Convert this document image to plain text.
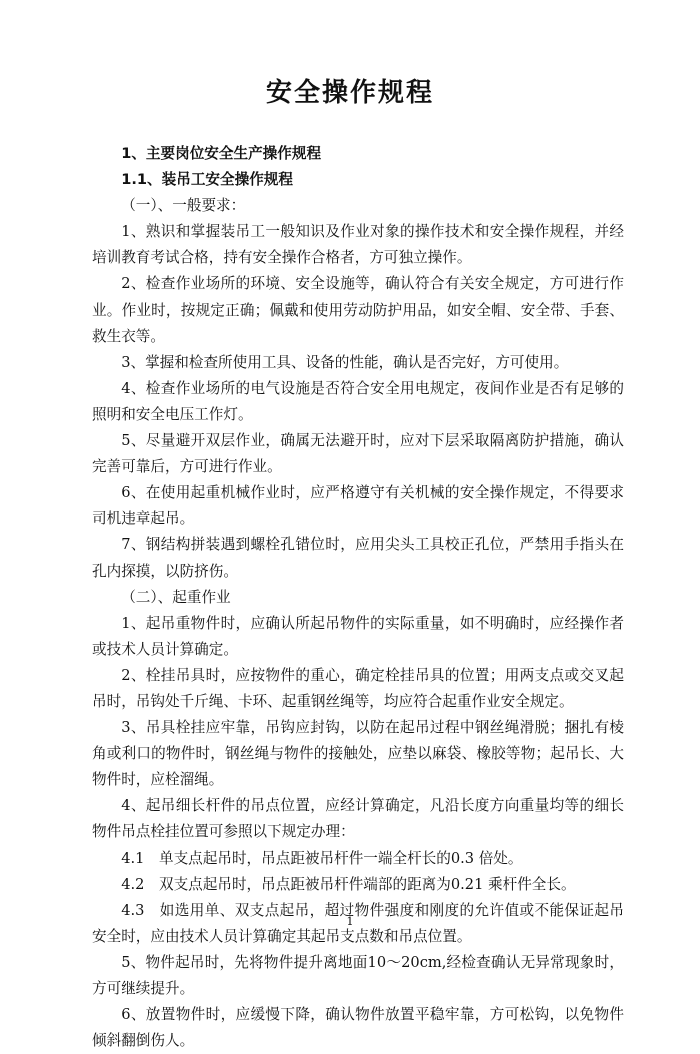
安全操作规程

1、主要岗位安全生产操作规程

1.1、装吊工安全操作规程

（一）、一般要求：

1、熟识和掌握装吊工一般知识及作业对象的操作技术和安全操作规程，并经培训教育考试合格，持有安全操作合格者，方可独立操作。

2、检查作业场所的环境、安全设施等，确认符合有关安全规定，方可进行作业。作业时，按规定正确；佩戴和使用劳动防护用品，如安全帽、安全带、手套、救生衣等。

3、掌握和检查所使用工具、设备的性能，确认是否完好，方可使用。

4、检查作业场所的电气设施是否符合安全用电规定，夜间作业是否有足够的照明和安全电压工作灯。

5、尽量避开双层作业，确属无法避开时，应对下层采取隔离防护措施，确认完善可靠后，方可进行作业。

6、在使用起重机械作业时，应严格遵守有关机械的安全操作规定，不得要求司机违章起吊。

7、钢结构拼装遇到螺栓孔错位时，应用尖头工具校正孔位，严禁用手指头在孔内探摸，以防挤伤。

（二）、起重作业

1、起吊重物件时，应确认所起吊物件的实际重量，如不明确时，应经操作者或技术人员计算确定。

2、栓挂吊具时，应按物件的重心，确定栓挂吊具的位置；用两支点或交叉起吊时，吊钩处千斤绳、卡环、起重钢丝绳等，均应符合起重作业安全规定。

3、吊具栓挂应牢靠，吊钩应封钩，以防在起吊过程中钢丝绳滑脱；捆扎有棱角或利口的物件时，钢丝绳与物件的接触处，应垫以麻袋、橡胶等物；起吊长、大物件时，应栓溜绳。

4、起吊细长杆件的吊点位置，应经计算确定，凡沿长度方向重量均等的细长物件吊点栓挂位置可参照以下规定办理：

4.1　单支点起吊时，吊点距被吊杆件一端全杆长的0.3 倍处。

4.2　双支点起吊时，吊点距被吊杆件端部的距离为0.21 乘杆件全长。

4.3　如选用单、双支点起吊，超过物件强度和刚度的允许值或不能保证起吊安全时，应由技术人员计算确定其起吊支点数和吊点位置。

5、物件起吊时，先将物件提升离地面10～20cm,经检查确认无异常现象时，方可继续提升。

6、放置物件时，应缓慢下降，确认物件放置平稳牢靠，方可松钩，以免物件倾斜翻倒伤人。

1
